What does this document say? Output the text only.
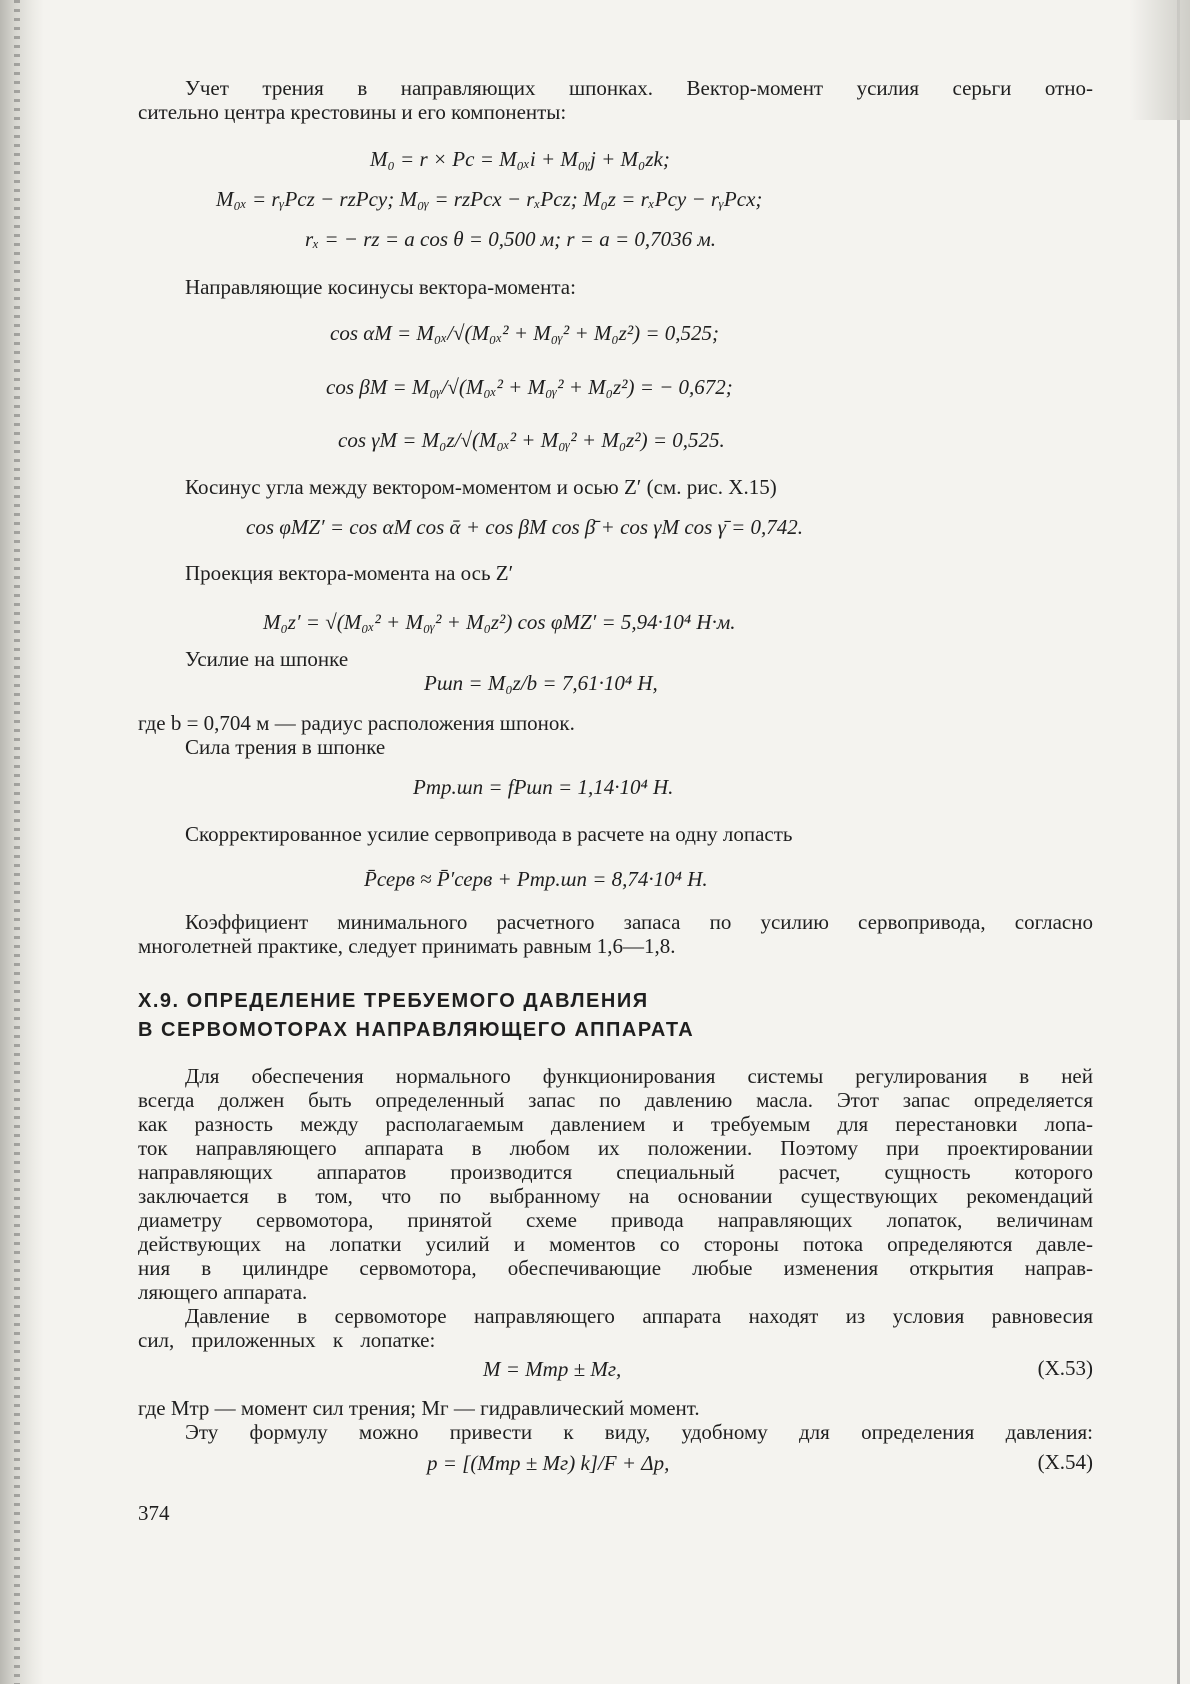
Учет трения в направляющих шпонках. Вектор-момент усилия серьги отно-
сительно центра крестовины и его компоненты:
M₀ = r × Pc = M₀ₓi + M₀ᵧj + M₀zk;
M₀ₓ = rᵧPcz − rzPcy; M₀ᵧ = rzPcx − rₓPcz; M₀z = rₓPcy − rᵧPcx;
rₓ = − rz = a cos θ = 0,500 м; r = a = 0,7036 м.
Направляющие косинусы вектора-момента:
cos αM = M₀ₓ/√(M₀ₓ² + M₀ᵧ² + M₀z²) = 0,525;
cos βM = M₀ᵧ/√(M₀ₓ² + M₀ᵧ² + M₀z²) = − 0,672;
cos γM = M₀z/√(M₀ₓ² + M₀ᵧ² + M₀z²) = 0,525.
Косинус угла между вектором-моментом и осью Z′ (см. рис. X.15)
cos φMZ′ = cos αM cos ᾱ + cos βM cos β̄ + cos γM cos γ̄ = 0,742.
Проекция вектора-момента на ось Z′
M₀z′ = √(M₀ₓ² + M₀ᵧ² + M₀z²) cos φMZ′ = 5,94·10⁴ Н·м.
Усилие на шпонке
Pшп = M₀z/b = 7,61·10⁴ Н,
где b = 0,704 м — радиус расположения шпонок.
Сила трения в шпонке
Pтр.шп = fPшп = 1,14·10⁴ Н.
Скорректированное усилие сервопривода в расчете на одну лопасть
P̄серв ≈ P̄′серв + Pтр.шп = 8,74·10⁴ Н.
Коэффициент минимального расчетного запаса по усилию сервопривода, согласно
многолетней практике, следует принимать равным 1,6—1,8.
X.9. ОПРЕДЕЛЕНИЕ ТРЕБУЕМОГО ДАВЛЕНИЯ
В СЕРВОМОТОРАХ НАПРАВЛЯЮЩЕГО АППАРАТА
Для обеспечения нормального функционирования системы регулирования в ней
всегда должен быть определенный запас по давлению масла. Этот запас определяется
как разность между располагаемым давлением и требуемым для перестановки лопа-
ток направляющего аппарата в любом их положении. Поэтому при проектировании
направляющих аппаратов производится специальный расчет, сущность которого
заключается в том, что по выбранному на основании существующих рекомендаций
диаметру сервомотора, принятой схеме привода направляющих лопаток, величинам
действующих на лопатки усилий и моментов со стороны потока определяются давле-
ния в цилиндре сервомотора, обеспечивающие любые изменения открытия направ-
ляющего аппарата.
Давление в сервомоторе направляющего аппарата находят из условия равновесия
сил, приложенных к лопатке:
M = Mтр ± Mг,	(X.53)
где Mтр — момент сил трения; Mг — гидравлический момент.
Эту формулу можно привести к виду, удобному для определения давления:
p = [(Mтр ± Mг) k]/F + Δp,	(X.54)
374
